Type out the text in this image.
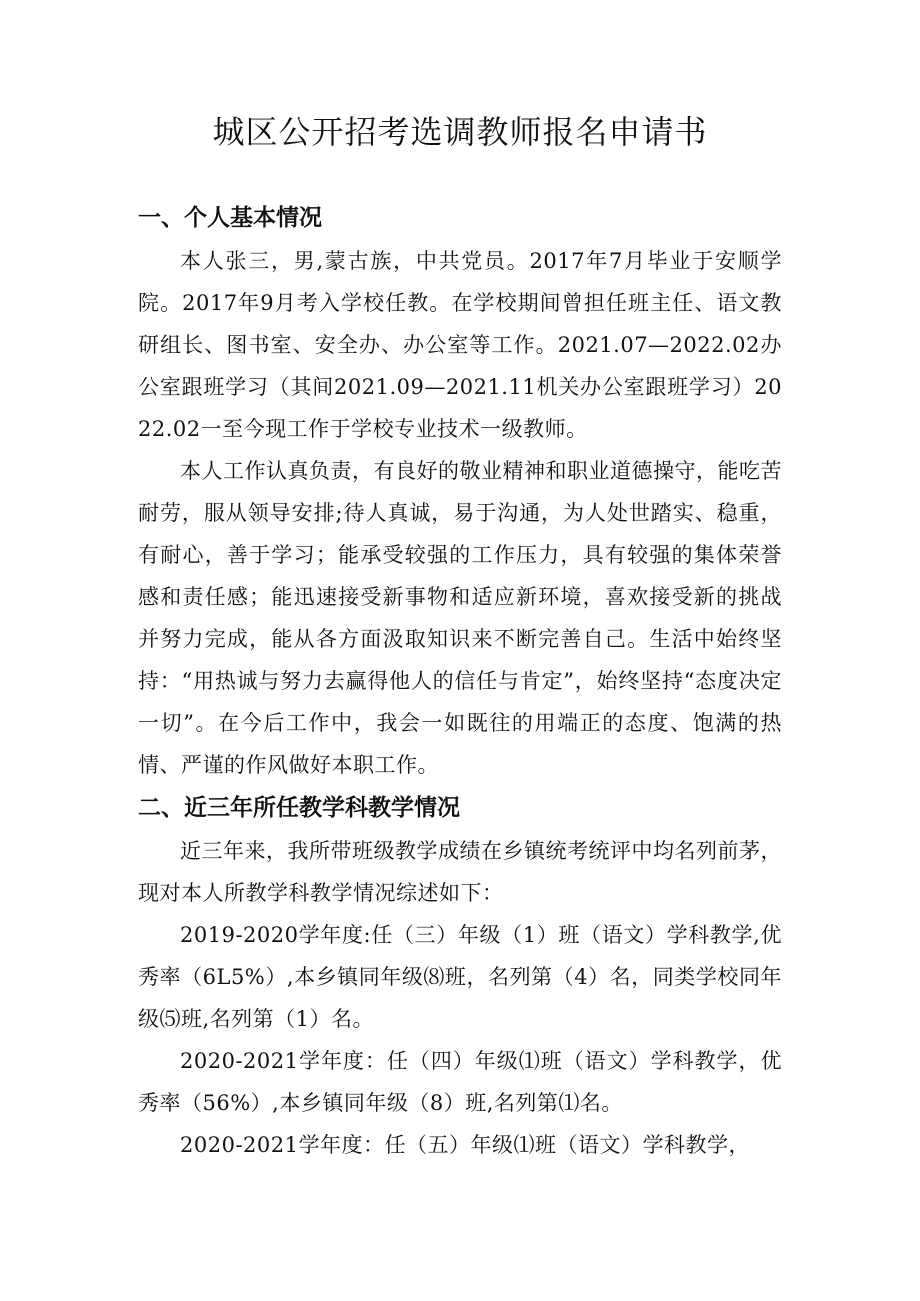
城区公开招考选调教师报名申请书
一、个人基本情况

本人张三，男,蒙古族，中共党员。2017年7月毕业于安顺学院。2017年9月考入学校任教。在学校期间曾担任班主任、语文教研组长、图书室、安全办、办公室等工作。2021.07—2022.02办公室跟班学习（其间2021.09—2021.11机关办公室跟班学习）2022.02一至今现工作于学校专业技术一级教师。

本人工作认真负责，有良好的敬业精神和职业道德操守，能吃苦耐劳，服从领导安排;待人真诚，易于沟通，为人处世踏实、稳重，有耐心，善于学习；能承受较强的工作压力，具有较强的集体荣誉感和责任感；能迅速接受新事物和适应新环境，喜欢接受新的挑战并努力完成，能从各方面汲取知识来不断完善自己。生活中始终坚持：“用热诚与努力去赢得他人的信任与肯定”，始终坚持“态度决定一切”。在今后工作中，我会一如既往的用端正的态度、饱满的热情、严谨的作风做好本职工作。

二、近三年所任教学科教学情况

近三年来，我所带班级教学成绩在乡镇统考统评中均名列前茅，现对本人所教学科教学情况综述如下：

2019-2020学年度:任（三）年级（1）班（语文）学科教学,优秀率（6L5%）,本乡镇同年级⑻班，名列第（4）名，同类学校同年级⑸班,名列第（1）名。

2020-2021学年度：任（四）年级⑴班（语文）学科教学，优秀率（56%）,本乡镇同年级（8）班,名列第⑴名。

2020-2021学年度：任（五）年级⑴班（语文）学科教学，
